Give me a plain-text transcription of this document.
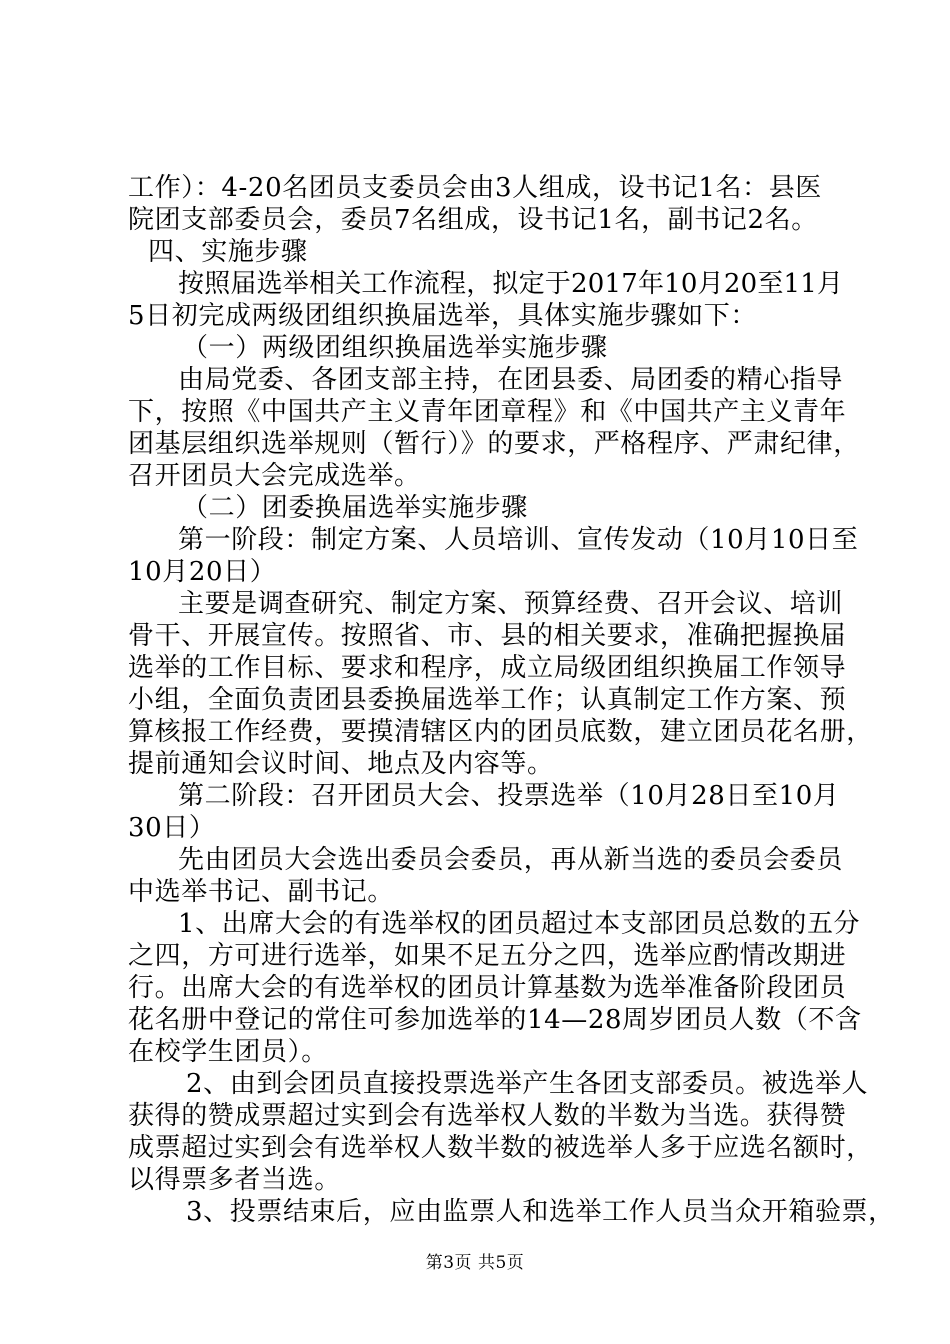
工作）：4-20名团员支委员会由3人组成，设书记1名：县医
院团支部委员会，委员7名组成，设书记1名，副书记2名。
四、实施步骤
按照届选举相关工作流程，拟定于2017年10月20至11月
5日初完成两级团组织换届选举，具体实施步骤如下：
（一）两级团组织换届选举实施步骤
由局党委、各团支部主持，在团县委、局团委的精心指导
下，按照《中国共产主义青年团章程》和《中国共产主义青年
团基层组织选举规则（暂行）》的要求，严格程序、严肃纪律，
召开团员大会完成选举。
（二）团委换届选举实施步骤
第一阶段：制定方案、人员培训、宣传发动（10月10日至
10月20日）
主要是调查研究、制定方案、预算经费、召开会议、培训
骨干、开展宣传。按照省、市、县的相关要求，准确把握换届
选举的工作目标、要求和程序，成立局级团组织换届工作领导
小组，全面负责团县委换届选举工作；认真制定工作方案、预
算核报工作经费，要摸清辖区内的团员底数，建立团员花名册，
提前通知会议时间、地点及内容等。
第二阶段：召开团员大会、投票选举（10月28日至10月
30日）
先由团员大会选出委员会委员，再从新当选的委员会委员
中选举书记、副书记。
1、出席大会的有选举权的团员超过本支部团员总数的五分
之四，方可进行选举，如果不足五分之四，选举应酌情改期进
行。出席大会的有选举权的团员计算基数为选举准备阶段团员
花名册中登记的常住可参加选举的14—28周岁团员人数（不含
在校学生团员）。
2、由到会团员直接投票选举产生各团支部委员。被选举人
获得的赞成票超过实到会有选举权人数的半数为当选。获得赞
成票超过实到会有选举权人数半数的被选举人多于应选名额时，
以得票多者当选。
3、投票结束后，应由监票人和选举工作人员当众开箱验票，
第3页 共5页
